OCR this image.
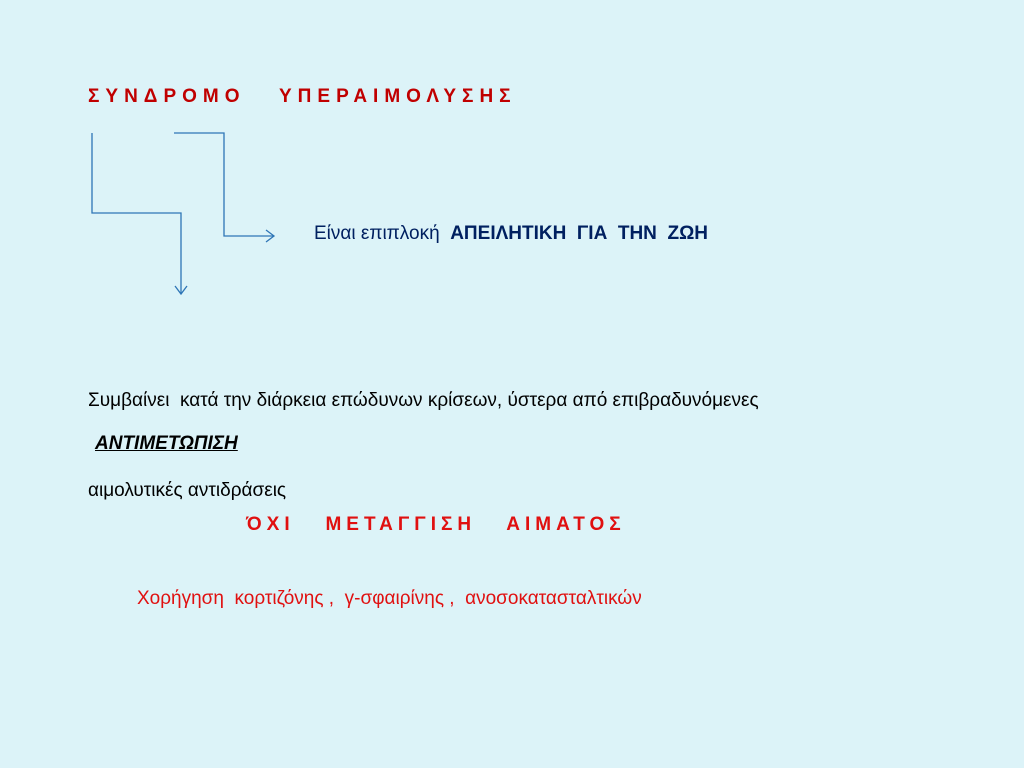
ΣΥΝΔΡΟΜΟ   ΥΠΕΡΑΙΜΟΛΥΣΗΣ
Είναι επιπλοκή  ΑΠΕΙΛΗΤΙΚΗ  ΓΙΑ  ΤΗΝ  ΖΩΗ

Συμβαίνει  κατά την διάρκεια επώδυνων κρίσεων, ύστερα από επιβραδυνόμενες

αιμολυτικές αντιδράσεις

ΑΝΤΙΜΕΤΩΠΙΣΗ
ΌΧΙ   ΜΕΤΑΓΓΙΣΗ   ΑΙΜΑΤΟΣ
Χορήγηση  κορτιζόνης ,  γ-σφαιρίνης ,  ανοσοκατασταλτικών
